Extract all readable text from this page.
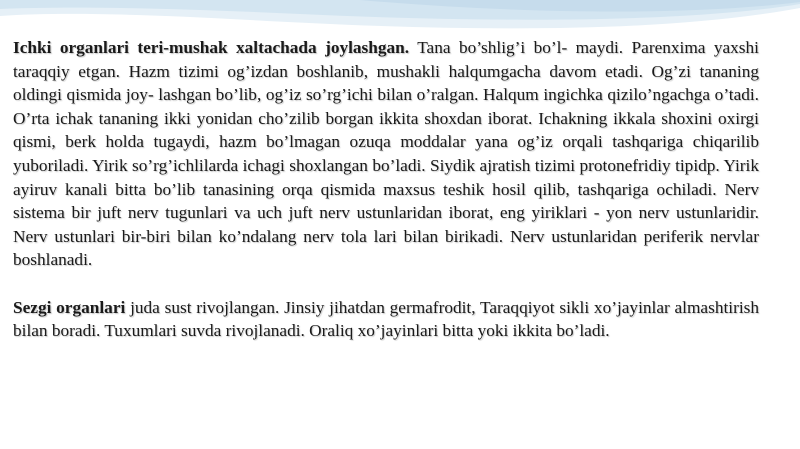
Ichki organlari teri-mushak xaltachada joylashgan. Tana bo’shlig’i bo’l- maydi. Parenxima yaxshi taraqqiy etgan. Hazm tizimi og’izdan boshlanib, mushakli halqumgacha davom etadi. Og’zi tananing oldingi qismida joy- lashgan bo’lib, og’iz so’rg’ichi bilan o’ralgan. Halqum ingichka qizilo’ngachga o’tadi. O’rta ichak tananing ikki yonidan cho’zilib borgan ikkita shoxdan iborat. Ichakning ikkala shoxini oxirgi qismi, berk holda tugaydi, hazm bo’lmagan ozuqa moddalar yana og’iz orqali tashqariga chiqarilib yuboriladi. Yirik so’rg’ichlilarda ichagi shoxlangan bo’ladi. Siydik ajratish tizimi protonefridiy tipidp. Yirik ayiruv kanali bitta bo’lib tanasining orqa qismida maxsus teshik hosil qilib, tashqariga ochiladi. Nerv sistema bir juft nerv tugunlari va uch juft nerv ustunlaridan iborat, eng yiriklari - yon nerv ustunlaridir. Nerv ustunlari bir-biri bilan ko’ndalang nerv tola lari bilan birikadi. Nerv ustunlaridan periferik nervlar boshlanadi.

Sezgi organlari juda sust rivojlangan. Jinsiy jihatdan germafrodit, Taraqqiyot sikli xo’jayinlar almashtirish bilan boradi. Tuxumlari suvda rivojlanadi. Oraliq xo’jayinlari bitta yoki ikkita bo’ladi.
